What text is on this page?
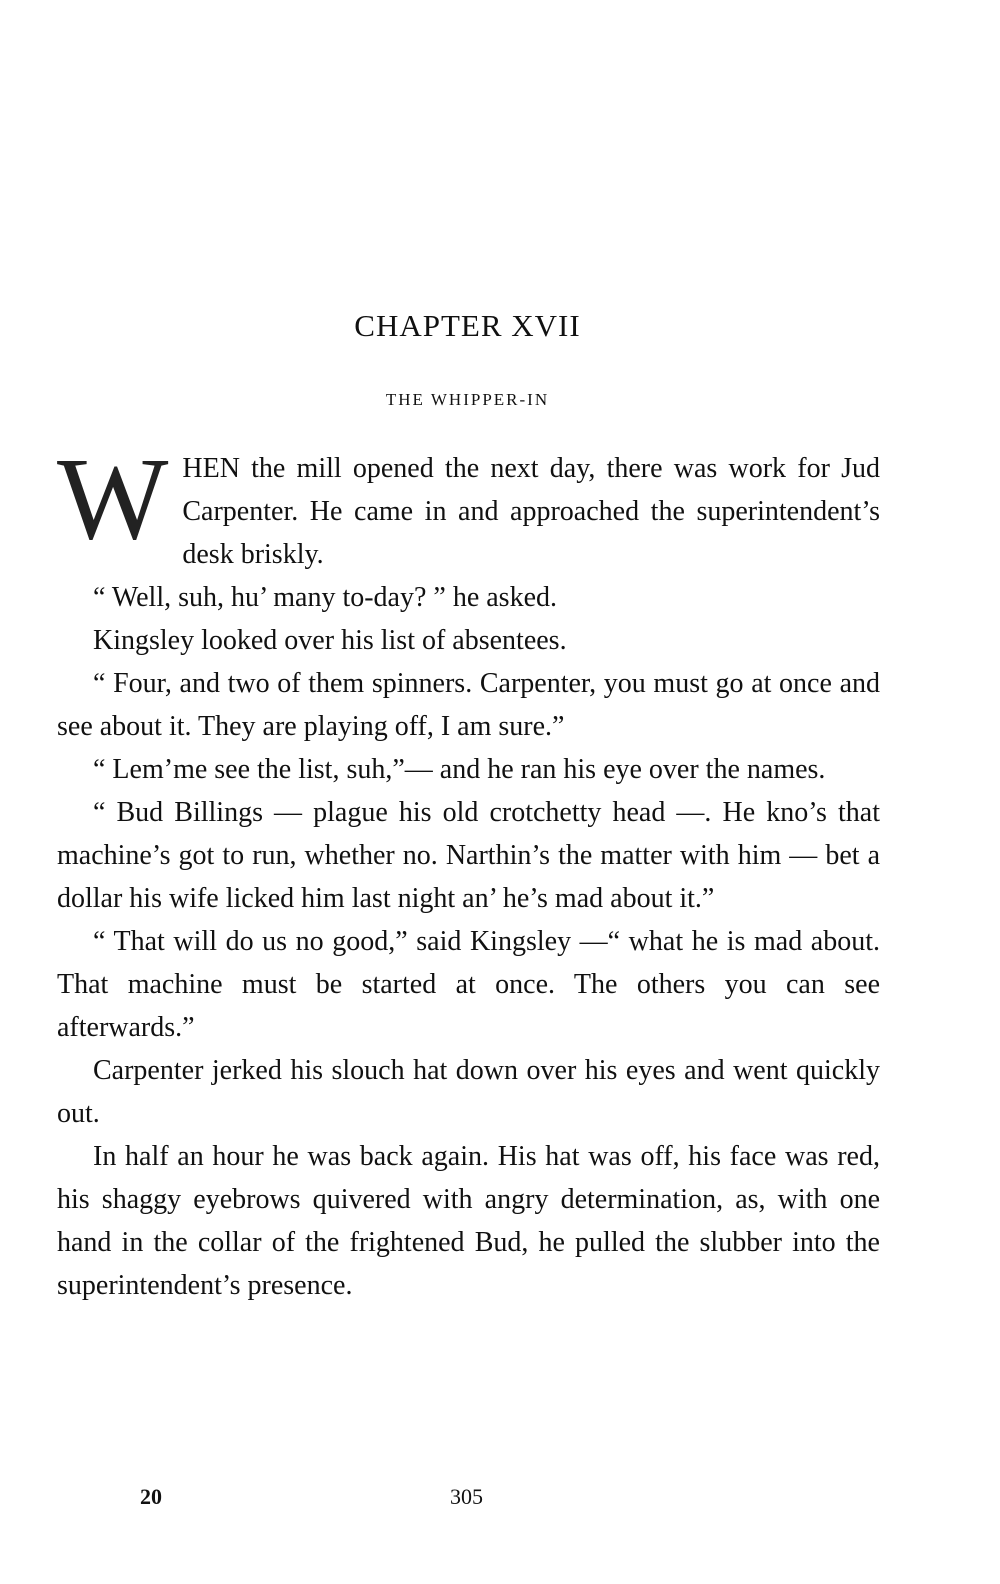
CHAPTER XVII
THE WHIPPER-IN

WHEN the mill opened the next day, there was work for Jud Carpenter. He came in and approached the superintendent’s desk briskly.

“ Well, suh, hu’ many to-day? ” he asked.

Kingsley looked over his list of absentees.

“ Four, and two of them spinners. Carpenter, you must go at once and see about it. They are playing off, I am sure.”

“ Lem’me see the list, suh,”— and he ran his eye over the names.

“ Bud Billings — plague his old crotchetty head —. He kno’s that machine’s got to run, whether no. Narthin’s the matter with him — bet a dollar his wife licked him last night an’ he’s mad about it.”

“ That will do us no good,” said Kingsley —“ what he is mad about. That machine must be started at once. The others you can see afterwards.”

Carpenter jerked his slouch hat down over his eyes and went quickly out.

In half an hour he was back again. His hat was off, his face was red, his shaggy eyebrows quivered with angry determination, as, with one hand in the collar of the frightened Bud, he pulled the slubber into the superintendent’s presence.

20	305
